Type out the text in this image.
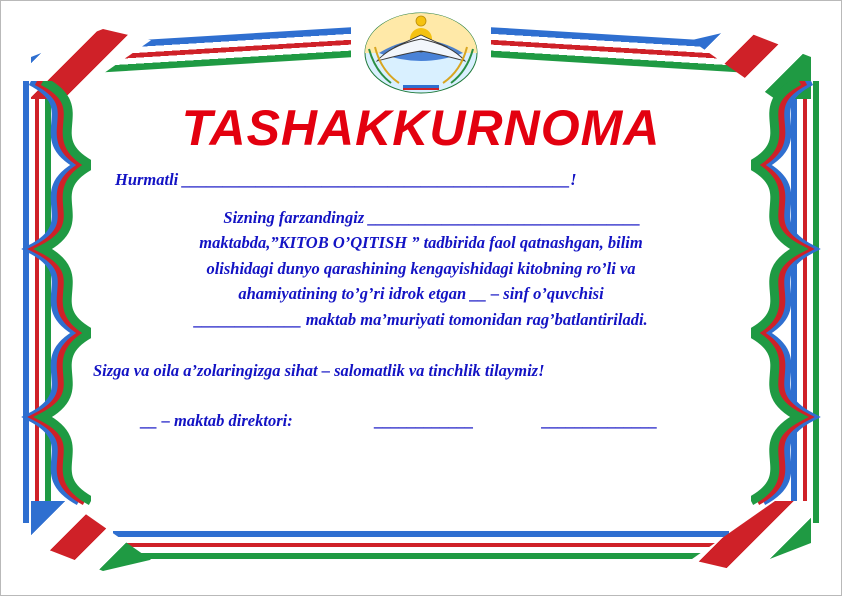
TASHAKKURNOMA
Hurmatli _______________________________________________!
Sizning farzandingiz _________________________________
maktabda,”KITOB O’QITISH ” tadbirida faol qatnashgan, bilim
olishidagi dunyo qarashining kengayishidagi kitobning ro’li va
ahamiyatining to’g’ri idrok etgan __ – sinf o’quvchisi
_____________ maktab ma’muriyati tomonidan rag’batlantiriladi.
Sizga va oila a’zolaringizga sihat – salomatlik va tinchlik tilaymiz!
__ – maktab direktori:	____________	______________
